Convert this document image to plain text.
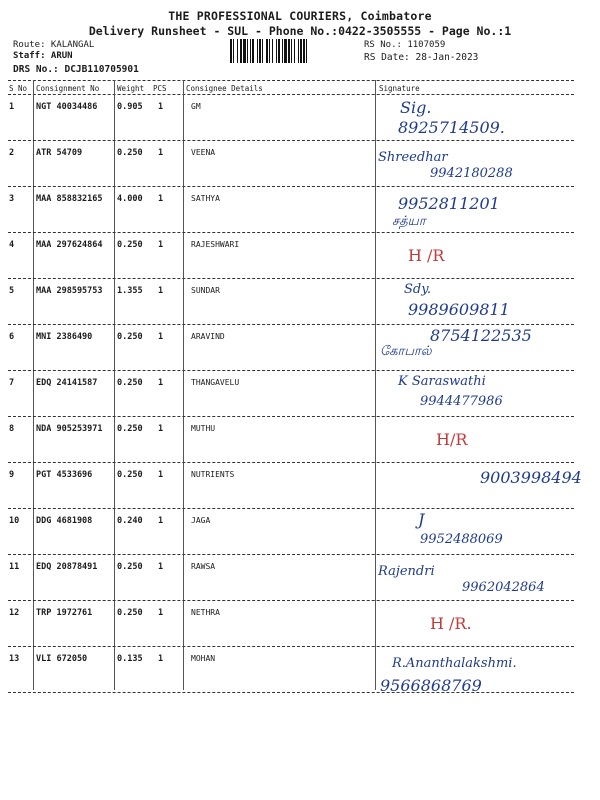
THE PROFESSIONAL COURIERS, Coimbatore
Delivery Runsheet - SUL - Phone No.:0422-3505555 - Page No.:1
Route: KALANGAL
Staff: ARUN
DRS No.: DCJB110705901
RS No.: 1107059
RS Date: 28-Jan-2023
S No Consignment No Weight PCS	Consignee Details	Signature
1	NGT 40034486 0.905 1	GM	Sig.
8925714509.
2	ATR 54709	0.250 1	VEENA	Shreedhar
9942180288
3	MAA 858832165 4.000 1	SATHYA	9952811201
சத்யா
4	MAA 297624864 0.250 1	RAJESHWARI
H /R
5	MAA 298595753 1.355 1	SUNDAR	Sdy.
9989609811
6	MNI 2386490	0.250 1	ARAVIND	8754122535
கோபால்
7	EDQ 24141587 0.250 1	THANGAVELU	K Saraswathi
9944477986
8	NDA 905253971 0.250 1	MUTHU
H/R
9	PGT 4533696	0.250 1	NUTRIENTS	9003998494
10 DDG 4681908	0.240 1	JAGA	J
9952488069
11 EDQ 20878491 0.250 1	RAWSA	Rajendri
9962042864
12 TRP 1972761	0.250 1	NETHRA
H /R.
13 VLI 672050	0.135 1	MOHAN	R.Ananthalakshmi.
9566868769
